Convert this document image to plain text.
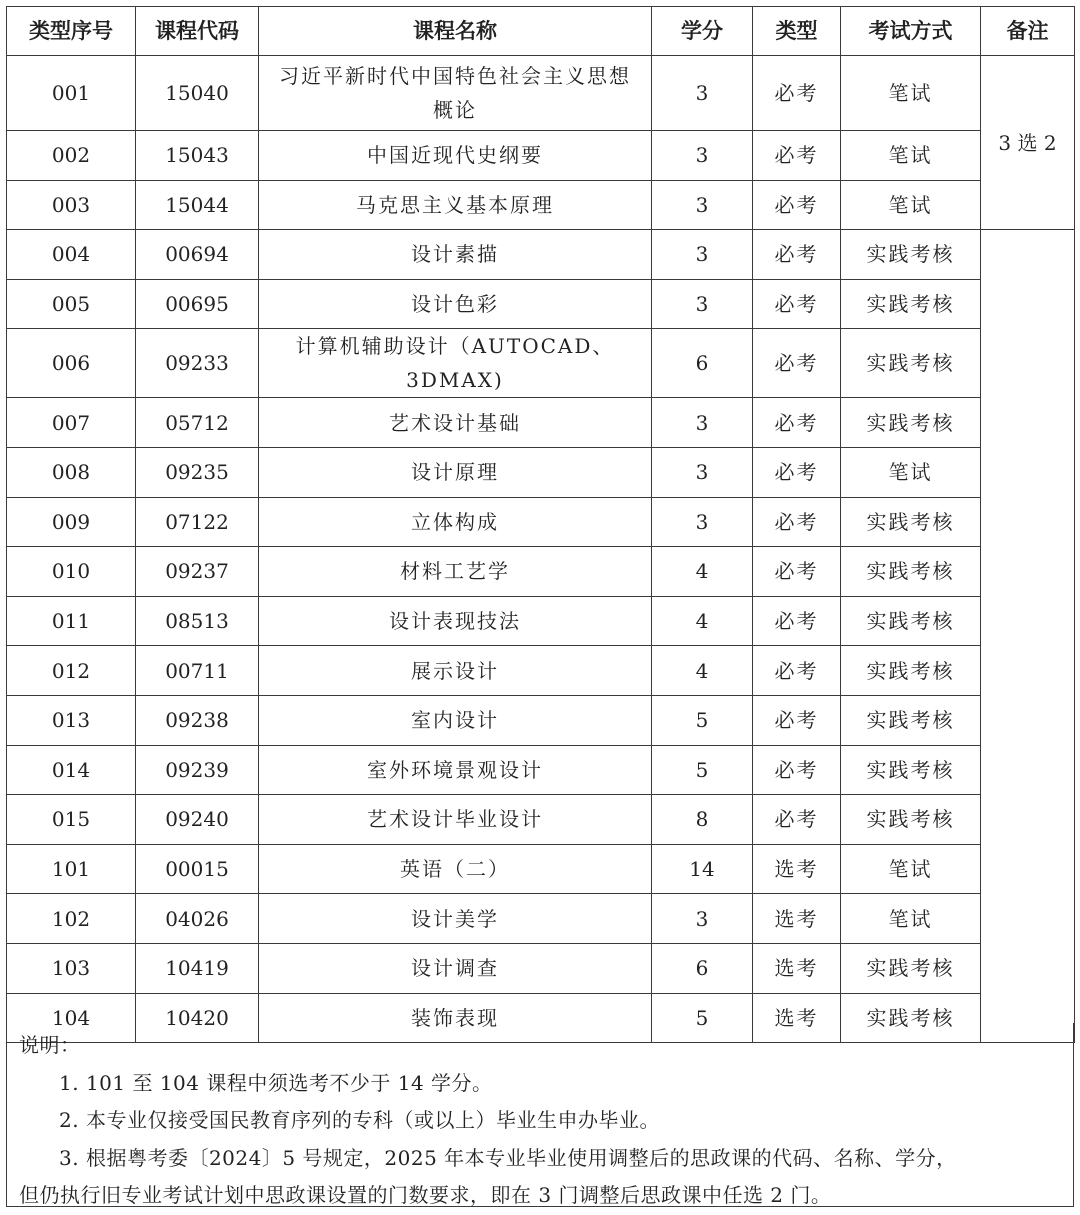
类型序号	课程代码	课程名称	学分	类型	考试方式	备注
001	15040	习近平新时代中国特色社会主义思想概论	3	必考	笔试	3 选 2
002	15043	中国近现代史纲要	3	必考	笔试	
003	15044	马克思主义基本原理	3	必考	笔试	
004	00694	设计素描	3	必考	实践考核	
005	00695	设计色彩	3	必考	实践考核	
006	09233	计算机辅助设计（AUTOCAD、3DMAX)	6	必考	实践考核	
007	05712	艺术设计基础	3	必考	实践考核	
008	09235	设计原理	3	必考	笔试	
009	07122	立体构成	3	必考	实践考核	
010	09237	材料工艺学	4	必考	实践考核	
011	08513	设计表现技法	4	必考	实践考核	
012	00711	展示设计	4	必考	实践考核	
013	09238	室内设计	5	必考	实践考核	
014	09239	室外环境景观设计	5	必考	实践考核	
015	09240	艺术设计毕业设计	8	必考	实践考核	
101	00015	英语（二）	14	选考	笔试	
102	04026	设计美学	3	选考	笔试	
103	10419	设计调查	6	选考	实践考核	
104	10420	装饰表现	5	选考	实践考核	
说明：
1. 101 至 104 课程中须选考不少于 14 学分。
2. 本专业仅接受国民教育序列的专科（或以上）毕业生申办毕业。
3. 根据粤考委〔2024〕5 号规定，2025 年本专业毕业使用调整后的思政课的代码、名称、学分，
但仍执行旧专业考试计划中思政课设置的门数要求，即在 3 门调整后思政课中任选 2 门。
